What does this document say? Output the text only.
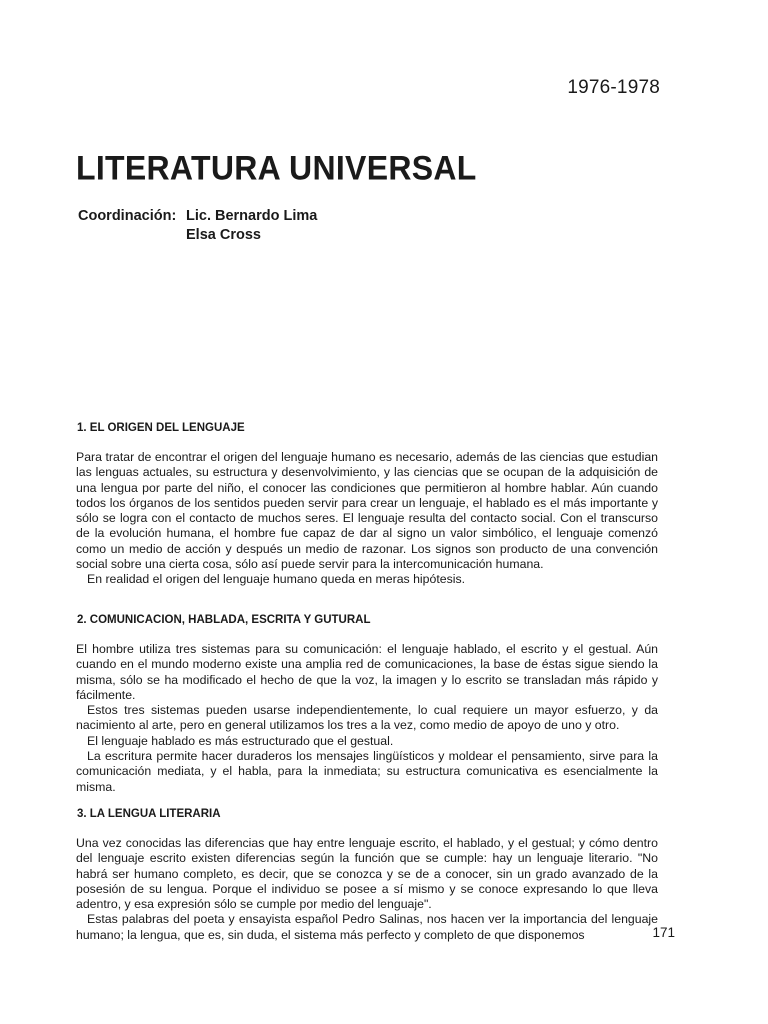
1976-1978
LITERATURA UNIVERSAL
Coordinación: Lic. Bernardo Lima
Elsa Cross
1. EL ORIGEN DEL LENGUAJE

Para tratar de encontrar el origen del lenguaje humano es necesario, además de las ciencias que estudian las lenguas actuales, su estructura y desenvolvimiento, y las ciencias que se ocupan de la adquisición de una lengua por parte del niño, el conocer las condiciones que permitieron al hombre hablar. Aún cuando todos los órganos de los sentidos pueden servir para crear un lenguaje, el hablado es el más importante y sólo se logra con el contacto de muchos seres. El lenguaje resulta del contacto social. Con el transcurso de la evolución humana, el hombre fue capaz de dar al signo un valor simbólico, el lenguaje comenzó como un medio de acción y después un medio de razonar. Los signos son producto de una convención social sobre una cierta cosa, sólo así puede servir para la intercomunicación humana.

En realidad el origen del lenguaje humano queda en meras hipótesis.

2. COMUNICACION, HABLADA, ESCRITA Y GUTURAL

El hombre utiliza tres sistemas para su comunicación: el lenguaje hablado, el escrito y el gestual. Aún cuando en el mundo moderno existe una amplia red de comunicaciones, la base de éstas sigue siendo la misma, sólo se ha modificado el hecho de que la voz, la imagen y lo escrito se transladan más rápido y fácilmente.

Estos tres sistemas pueden usarse independientemente, lo cual requiere un mayor esfuerzo, y da nacimiento al arte, pero en general utilizamos los tres a la vez, como medio de apoyo de uno y otro.

El lenguaje hablado es más estructurado que el gestual.

La escritura permite hacer duraderos los mensajes lingüísticos y moldear el pensamiento, sirve para la comunicación mediata, y el habla, para la inmediata; su estructura comunicativa es esencialmente la misma.

3. LA LENGUA LITERARIA

Una vez conocidas las diferencias que hay entre lenguaje escrito, el hablado, y el gestual; y cómo dentro del lenguaje escrito existen diferencias según la función que se cumple: hay un lenguaje literario. "No habrá ser humano completo, es decir, que se conozca y se de a conocer, sin un grado avanzado de la posesión de su lengua. Porque el individuo se posee a sí mismo y se conoce expresando lo que lleva adentro, y esa expresión sólo se cumple por medio del lenguaje".

Estas palabras del poeta y ensayista español Pedro Salinas, nos hacen ver la importancia del lenguaje humano; la lengua, que es, sin duda, el sistema más perfecto y completo de que disponemos	171
